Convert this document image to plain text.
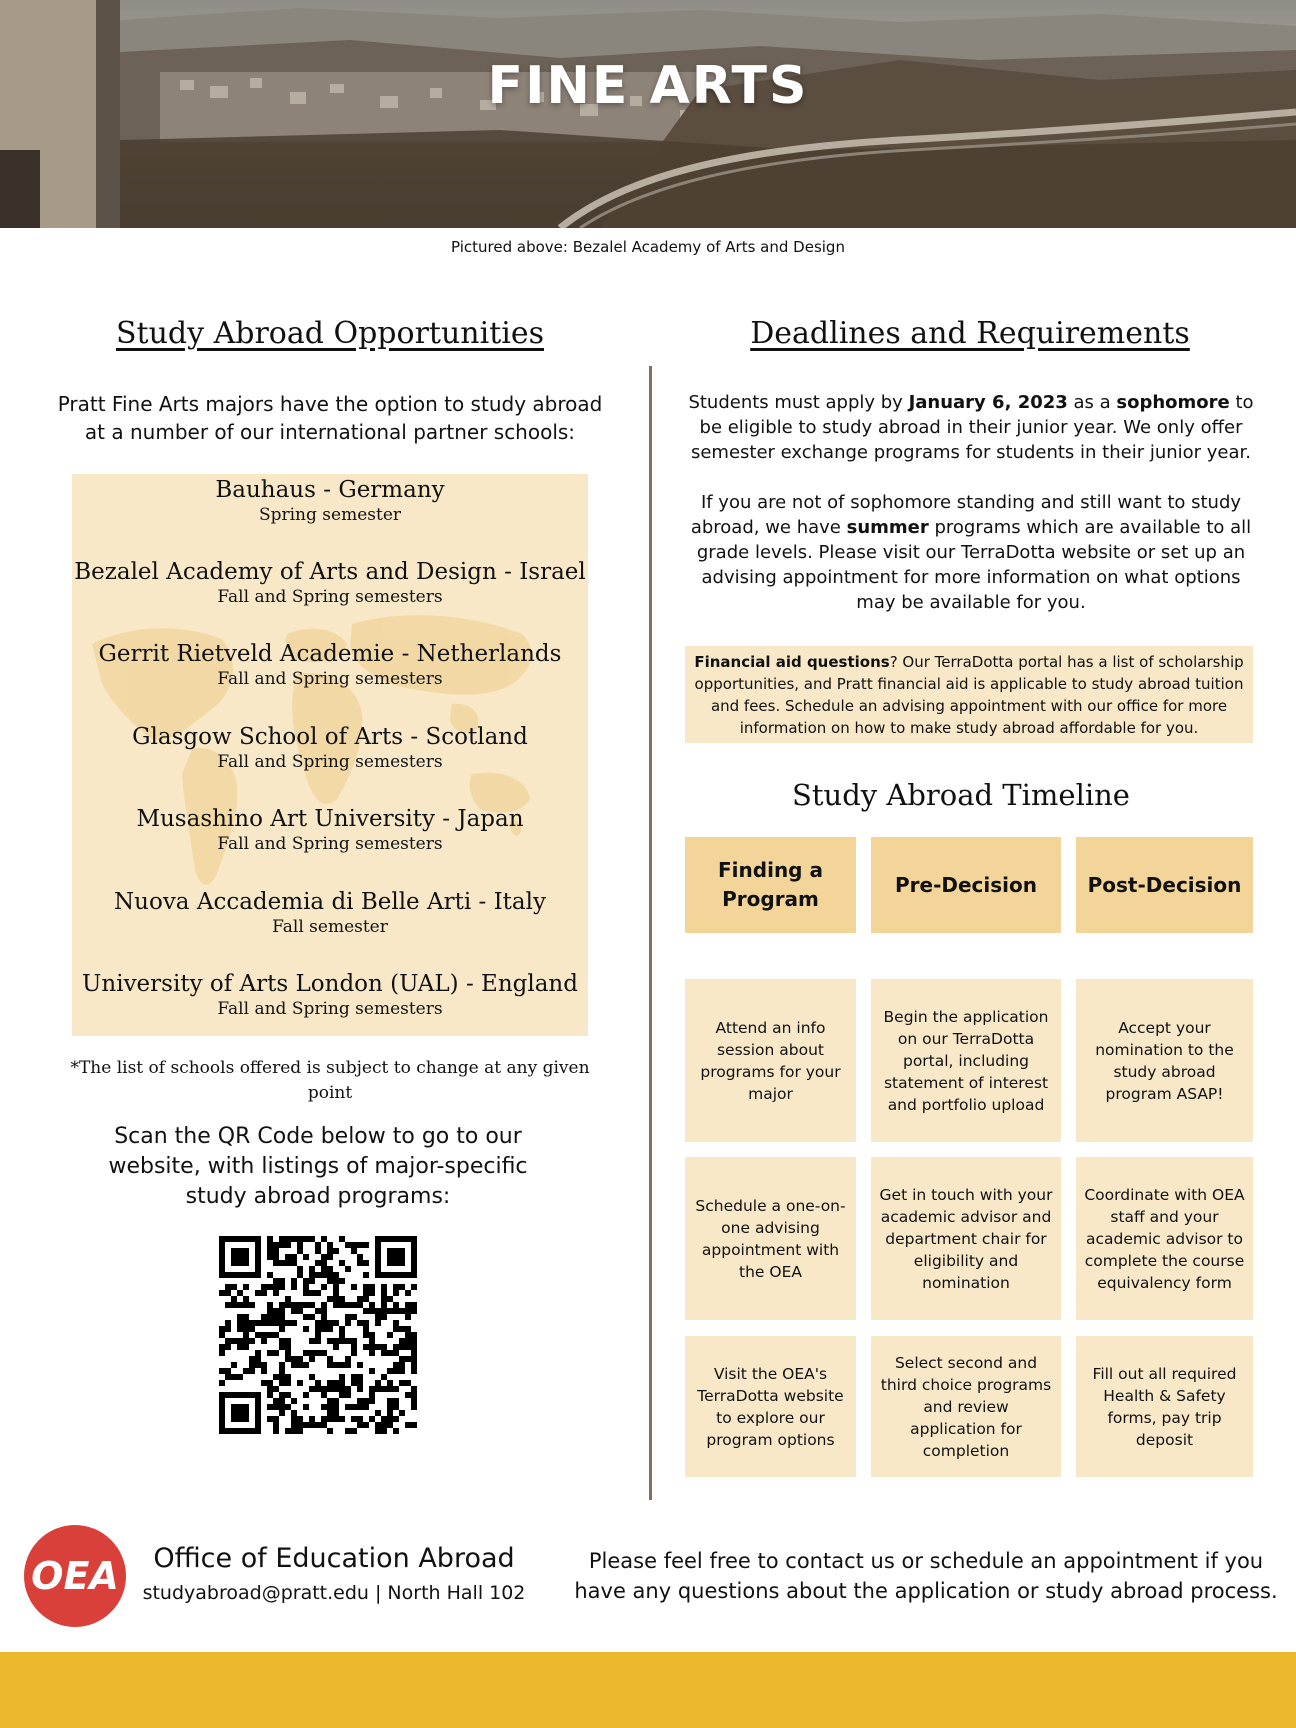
FINE ARTS
Pictured above: Bezalel Academy of Arts and Design
Study Abroad Opportunities
Pratt Fine Arts majors have the option to study abroad at a number of our international partner schools:
Bauhaus - Germany
Spring semester
Bezalel Academy of Arts and Design - Israel
Fall and Spring semesters
Gerrit Rietveld Academie - Netherlands
Fall and Spring semesters
Glasgow School of Arts - Scotland
Fall and Spring semesters
Musashino Art University - Japan
Fall and Spring semesters
Nuova Accademia di Belle Arti - Italy
Fall semester
University of Arts London (UAL) - England
Fall and Spring semesters
*The list of schools offered is subject to change at any given point
Scan the QR Code below to go to our website, with listings of major-specific study abroad programs:
Deadlines and Requirements
Students must apply by January 6, 2023 as a sophomore to be eligible to study abroad in their junior year. We only offer semester exchange programs for students in their junior year.
If you are not of sophomore standing and still want to study abroad, we have summer programs which are available to all grade levels. Please visit our TerraDotta website or set up an advising appointment for more information on what options may be available for you.

Financial aid questions? Our TerraDotta portal has a list of scholarship opportunities, and Pratt financial aid is applicable to study abroad tuition and fees. Schedule an advising appointment with our office for more information on how to make study abroad affordable for you.

Study Abroad Timeline
Finding a Program
Pre-Decision	Post-Decision
Attend an info session about programs for your major
Begin the application on our TerraDotta portal, including statement of interest and portfolio upload
Accept your nomination to the study abroad program ASAP!
Schedule a one-on-one advising appointment with the OEA
Get in touch with your academic advisor and department chair for eligibility and nomination
Coordinate with OEA staff and your academic advisor to complete the course equivalency form
Visit the OEA's TerraDotta website to explore our program options
Select second and third choice programs and review application for completion
Fill out all required Health & Safety forms, pay trip deposit
OEA	Office of Education Abroad
studyabroad@pratt.edu | North Hall 102
Please feel free to contact us or schedule an appointment if you have any questions about the application or study abroad process.
